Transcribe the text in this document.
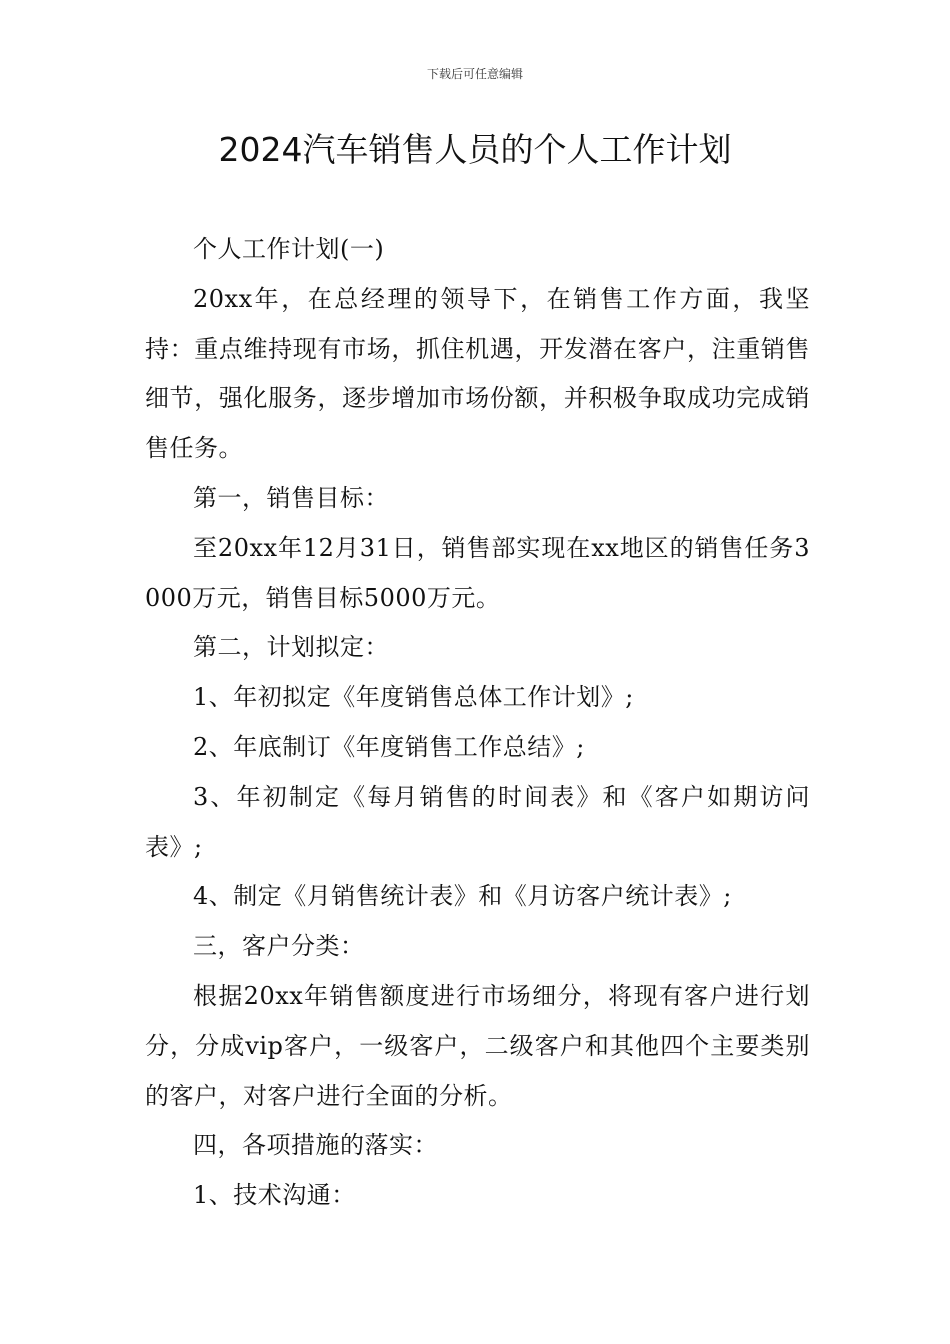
下载后可任意编辑
2024汽车销售人员的个人工作计划

个人工作计划(一)

20xx年，在总经理的领导下，在销售工作方面，我坚持：重点维持现有市场，抓住机遇，开发潜在客户，注重销售细节，强化服务，逐步增加市场份额，并积极争取成功完成销售任务。

第一，销售目标：

至20xx年12月31日，销售部实现在xx地区的销售任务3000万元，销售目标5000万元。

第二，计划拟定：

1、年初拟定《年度销售总体工作计划》;

2、年底制订《年度销售工作总结》;

3、年初制定《每月销售的时间表》和《客户如期访问表》;

4、制定《月销售统计表》和《月访客户统计表》;

三，客户分类：

根据20xx年销售额度进行市场细分，将现有客户进行划分，分成vip客户，一级客户，二级客户和其他四个主要类别的客户，对客户进行全面的分析。

四，各项措施的落实：

1、技术沟通：
